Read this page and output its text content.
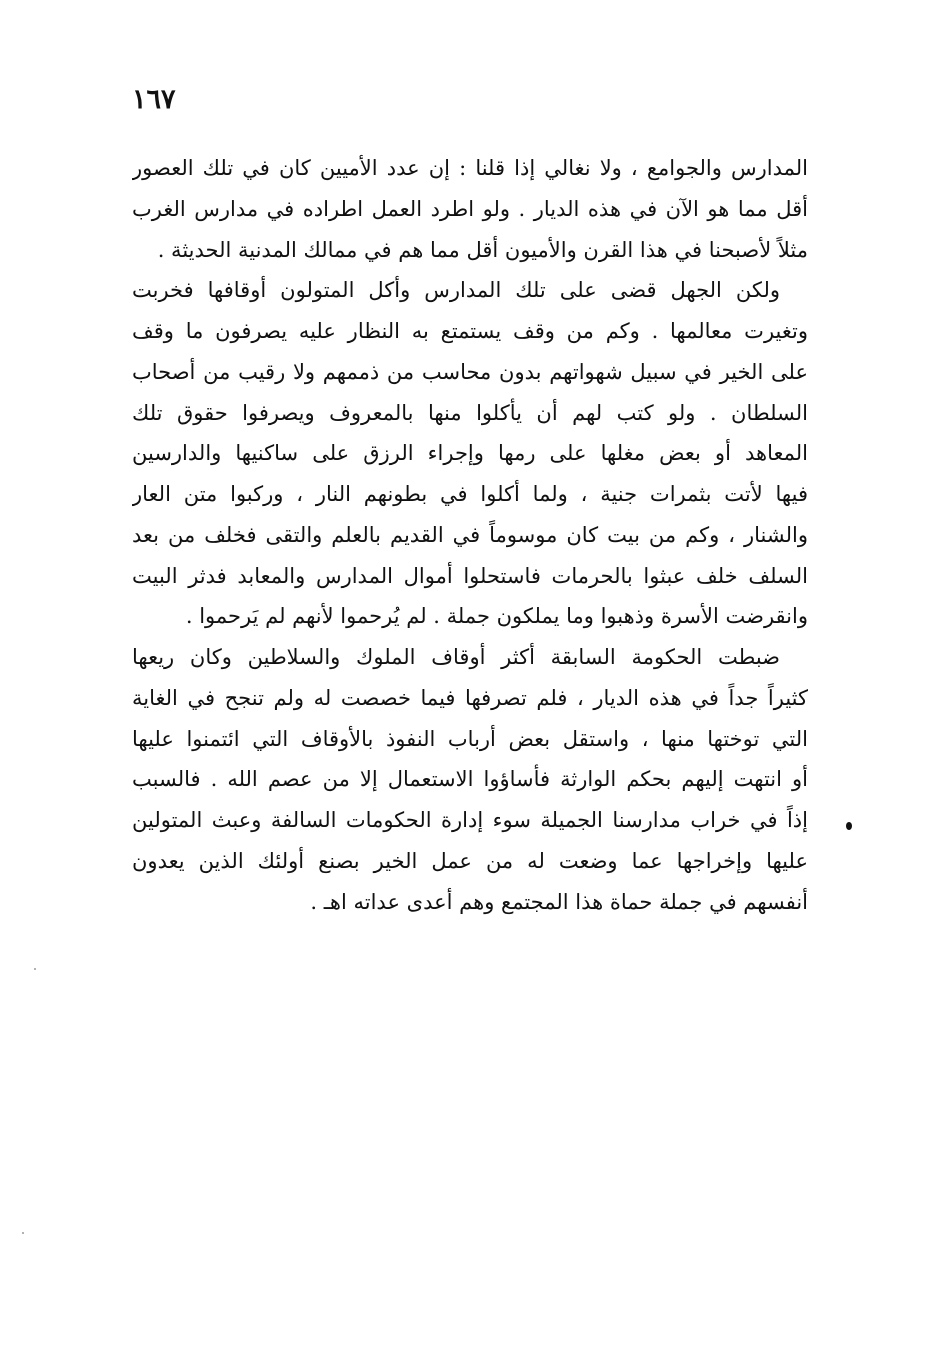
١٦٧
المدارس والجوامع ، ولا نغالي إذا قلنا : إن عدد الأميين كان في تلك العصور
أقل مما هو الآن في هذه الديار . ولو اطرد العمل اطراده في مدارس الغرب
مثلاً لأصبحنا في هذا القرن والأميون أقل مما هم في ممالك المدنية الحديثة .
ولكن الجهل قضى على تلك المدارس وأكل المتولون أوقافها فخربت
وتغيرت معالمها . وكم من وقف يستمتع به النظار عليه يصرفون ما وقف
على الخير في سبيل شهواتهم بدون محاسب من ذممهم ولا رقيب من أصحاب
السلطان . ولو كتب لهم أن يأكلوا منها بالمعروف ويصرفوا حقوق تلك
المعاهد أو بعض مغلها على رمها وإجراء الرزق على ساكنيها والدارسين
فيها لأتت بثمرات جنية ، ولما أكلوا في بطونهم النار ، وركبوا متن العار
والشنار ، وكم من بيت كان موسوماً في القديم بالعلم والتقى فخلف من بعد
السلف خلف عبثوا بالحرمات فاستحلوا أموال المدارس والمعابد فدثر البيت
وانقرضت الأسرة وذهبوا وما يملكون جملة . لم يُرحموا لأنهم لم يَرحموا .
ضبطت الحكومة السابقة أكثر أوقاف الملوك والسلاطين وكان ريعها
كثيراً جداً في هذه الديار ، فلم تصرفها فيما خصصت له ولم تنجح في الغاية
التي توختها منها ، واستقل بعض أرباب النفوذ بالأوقاف التي ائتمنوا عليها
أو انتهت إليهم بحكم الوارثة فأساؤوا الاستعمال إلا من عصم الله . فالسبب
إذاً في خراب مدارسنا الجميلة سوء إدارة الحكومات السالفة وعبث المتولين
عليها وإخراجها عما وضعت له من عمل الخير بصنع أولئك الذين يعدون
أنفسهم في جملة حماة هذا المجتمع وهم أعدى عداته اهـ .
